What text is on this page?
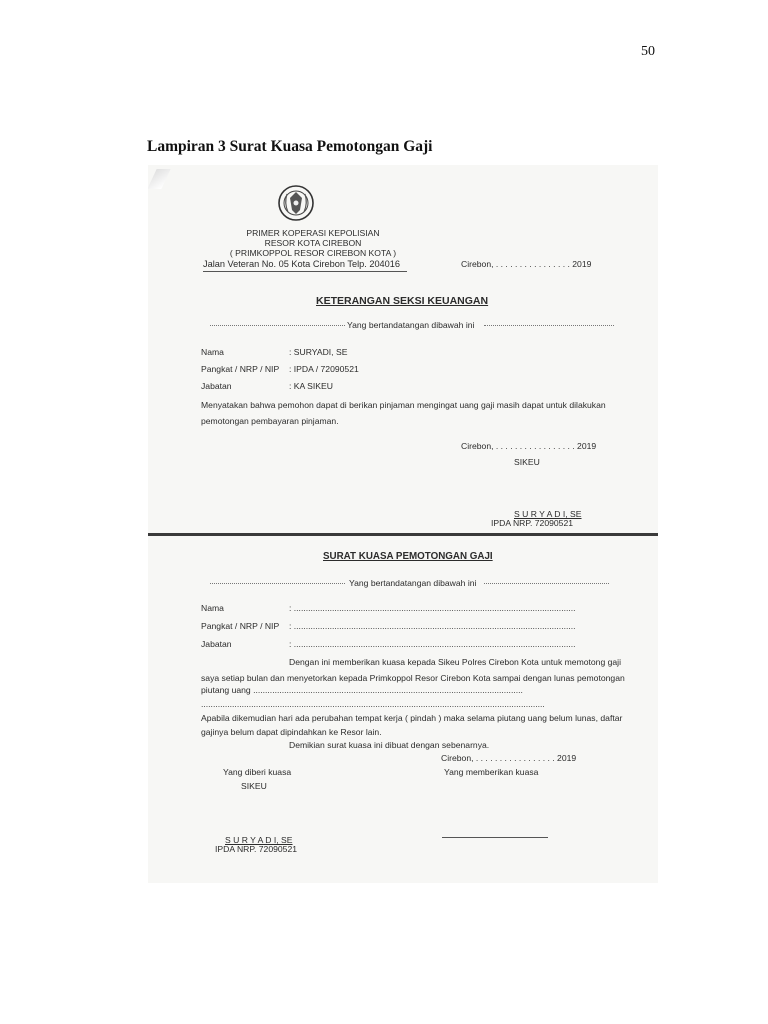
50
Lampiran 3 Surat Kuasa Pemotongan Gaji
PRIMER KOPERASI KEPOLISIAN
RESOR KOTA CIREBON
( PRIMKOPPOL RESOR CIREBON KOTA )
Jalan Veteran No. 05 Kota Cirebon Telp. 204016	Cirebon, . . . . . . . . . . . . . . . . 2019
KETERANGAN SEKSI KEUANGAN
Yang bertandatangan dibawah ini
Nama	: SURYADI, SE
Pangkat / NRP / NIP : IPDA / 72090521
Jabatan	: KA SIKEU
Menyatakan bahwa pemohon dapat di berikan pinjaman mengingat uang gaji masih dapat untuk dilakukan
pemotongan pembayaran pinjaman.
Cirebon, . . . . . . . . . . . . . . . . . 2019
SIKEU
S U R Y A D I, SE
IPDA NRP. 72090521
SURAT KUASA PEMOTONGAN GAJI
Yang bertandatangan dibawah ini
Nama	: ......................................................................................................................
Pangkat / NRP / NIP : ......................................................................................................................
Jabatan	: ......................................................................................................................
Dengan ini memberikan kuasa kepada Sikeu Polres Cirebon Kota untuk memotong gaji
saya setiap bulan dan menyetorkan kepada Primkoppol Resor Cirebon Kota sampai dengan lunas pemotongan
piutang uang .................................................................................................................
................................................................................................................................................
Apabila dikemudian hari ada perubahan tempat kerja ( pindah ) maka selama piutang uang belum lunas, daftar
gajinya belum dapat dipindahkan ke Resor lain.
Demikian surat kuasa ini dibuat dengan sebenarnya.
Cirebon, . . . . . . . . . . . . . . . . . 2019
Yang diberi kuasa	Yang memberikan kuasa
SIKEU
S U R Y A D I, SE
IPDA NRP. 72090521
